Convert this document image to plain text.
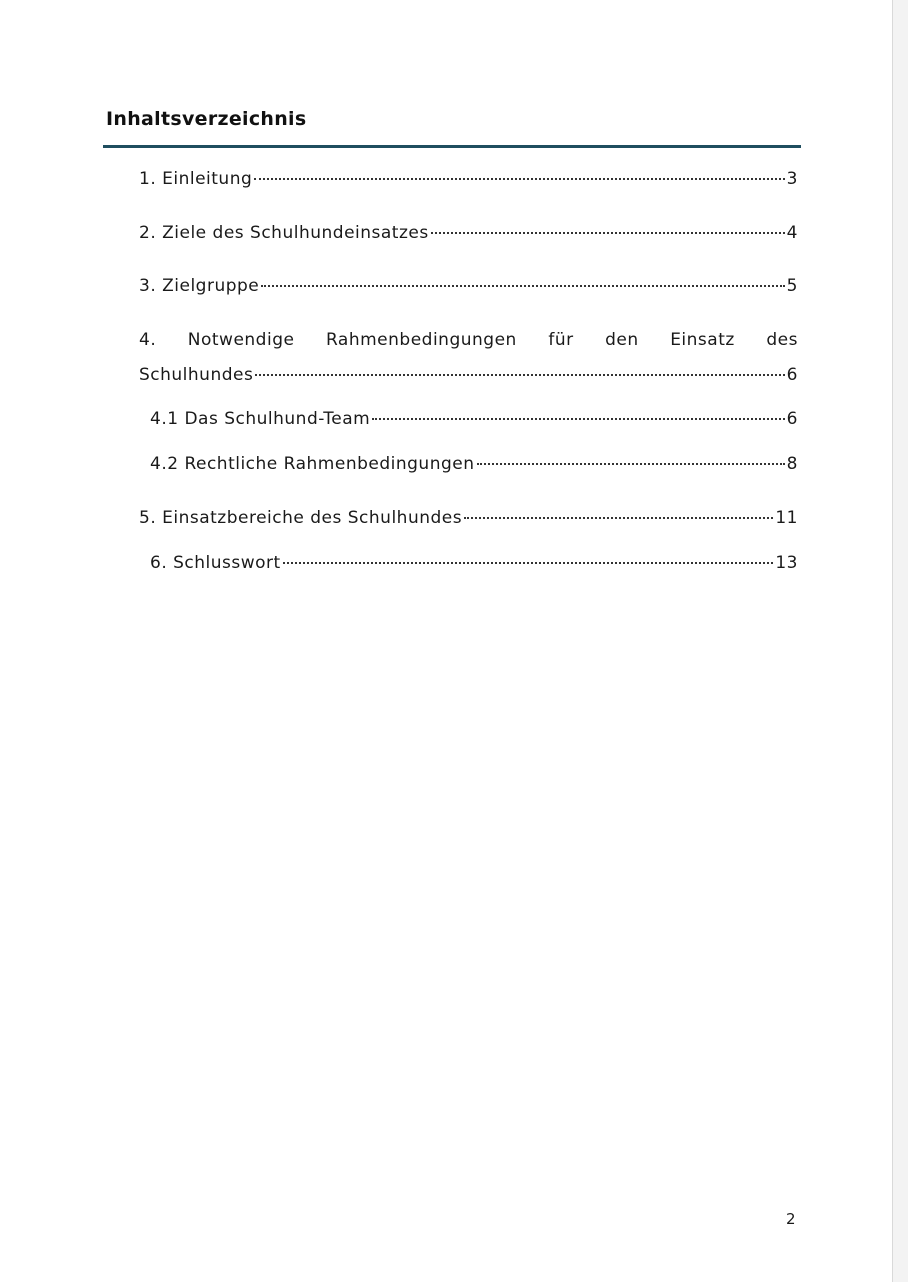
Inhaltsverzeichnis
1. Einleitung	3
2. Ziele des Schulhundeinsatzes	4
3. Zielgruppe	5
4. Notwendige Rahmenbedingungen für den Einsatz des
Schulhundes	6
4.1 Das Schulhund-Team	6
4.2 Rechtliche Rahmenbedingungen	8
5. Einsatzbereiche des Schulhundes	11
6. Schlusswort	13
2
